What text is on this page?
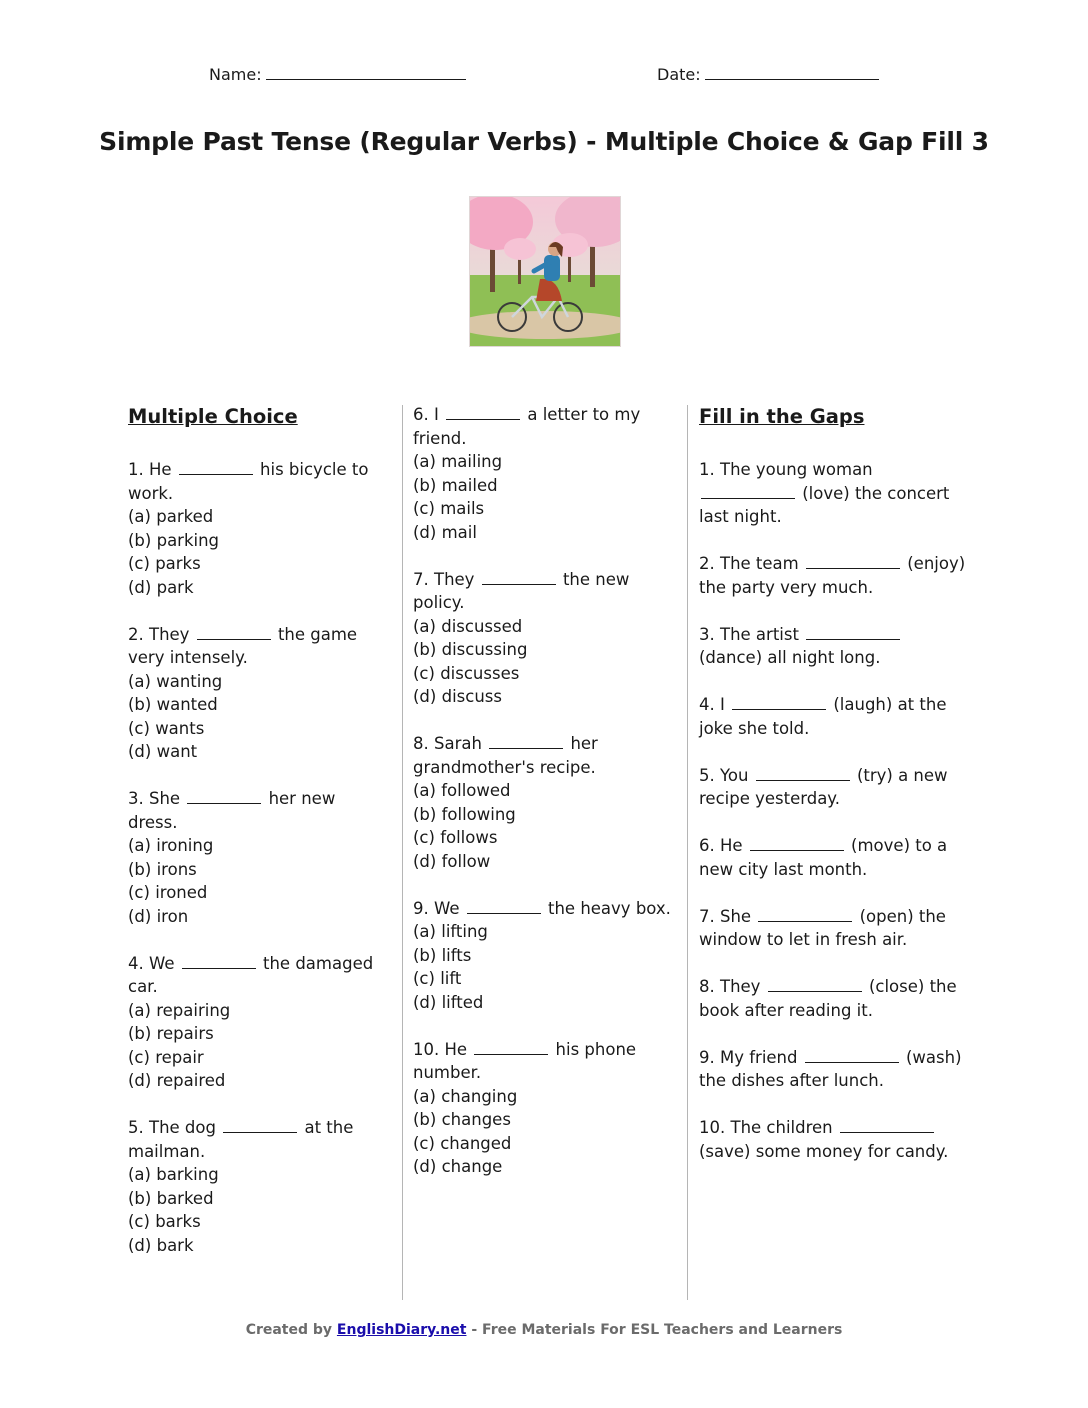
Name:	Date:
Simple Past Tense (Regular Verbs) - Multiple Choice & Gap Fill 3
Multiple Choice
1. He	his bicycle to work.
(a) parked
(b) parking
(c) parks
(d) park
2. They	the game very intensely.
(a) wanting
(b) wanted
(c) wants
(d) want
3. She	her new dress.
(a) ironing
(b) irons
(c) ironed
(d) iron
4. We	the damaged car.
(a) repairing
(b) repairs
(c) repair
(d) repaired
5. The dog	at the mailman.
(a) barking
(b) barked
(c) barks
(d) bark
6. I	a letter to my friend.
(a) mailing
(b) mailed
(c) mails
(d) mail
7. They	the new policy.
(a) discussed
(b) discussing
(c) discusses
(d) discuss
8. Sarah	her grandmother's recipe.
(a) followed
(b) following
(c) follows
(d) follow
9. We	the heavy box.
(a) lifting
(b) lifts
(c) lift
(d) lifted
10. He	his phone number.
(a) changing
(b) changes
(c) changed
(d) change
Fill in the Gaps
1. The young woman  (love) the concert last night.
2. The team	(enjoy) the party very much.
3. The artist  (dance) all night long.
4. I	(laugh) at the joke she told.
5. You	(try) a new recipe yesterday.
6. He	(move) to a new city last month.
7. She	(open) the window to let in fresh air.
8. They	(close) the book after reading it.
9. My friend	(wash) the dishes after lunch.
10. The children  (save) some money for candy.
Created by EnglishDiary.net - Free Materials For ESL Teachers and Learners
